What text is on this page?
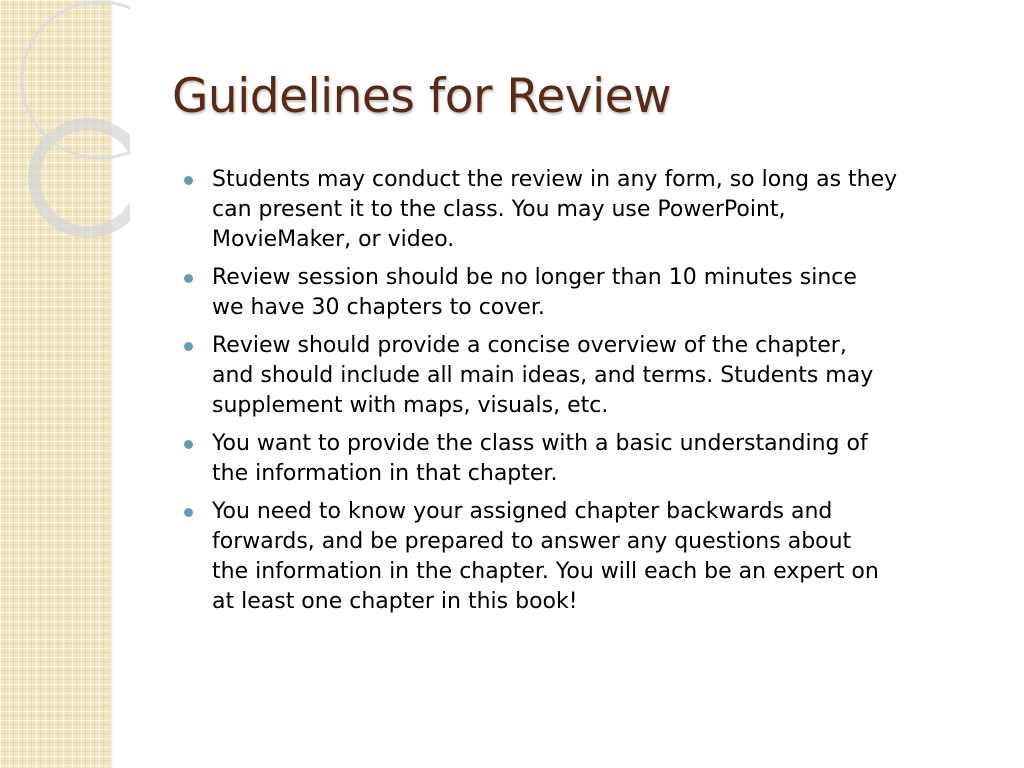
Guidelines for Review
Students may conduct the review in any form, so long as they
can present it to the class. You may use PowerPoint,
MovieMaker, or video.
Review session should be no longer than 10 minutes since
we have 30 chapters to cover.
Review should provide a concise overview of the chapter,
and should include all main ideas, and terms. Students may
supplement with maps, visuals, etc.
You want to provide the class with a basic understanding of
the information in that chapter.
You need to know your assigned chapter backwards and
forwards, and be prepared to answer any questions about
the information in the chapter. You will each be an expert on
at least one chapter in this book!
